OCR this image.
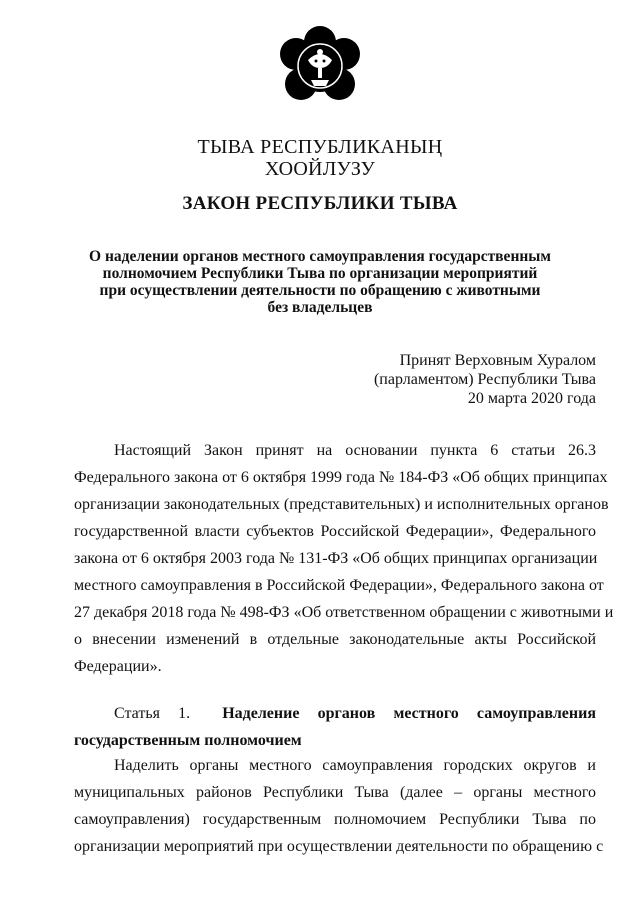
ТЫВА РЕСПУБЛИКАНЫҢ
ХООЙЛУЗУ
ЗАКОН РЕСПУБЛИКИ ТЫВА
О наделении органов местного самоуправления государственным
полномочием Республики Тыва по организации мероприятий
при осуществлении деятельности по обращению с животными
без владельцев
Принят Верховным Хуралом
(парламентом) Республики Тыва
20 марта 2020 года
Настоящий Закон принят на основании пункта 6 статьи 26.3
Федерального закона от 6 октября 1999 года № 184-ФЗ «Об общих принципах
организации законодательных (представительных) и исполнительных органов
государственной власти субъектов Российской Федерации», Федерального
закона от 6 октября 2003 года № 131-ФЗ «Об общих принципах организации
местного самоуправления в Российской Федерации», Федерального закона от
27 декабря 2018 года № 498-ФЗ «Об ответственном обращении с животными и
о внесении изменений в отдельные законодательные акты Российской
Федерации».
Статья 1.   Наделение органов местного самоуправления
государственным полномочием
Наделить органы местного самоуправления городских округов и
муниципальных районов Республики Тыва (далее – органы местного
самоуправления) государственным полномочием Республики Тыва по
организации мероприятий при осуществлении деятельности по обращению с
